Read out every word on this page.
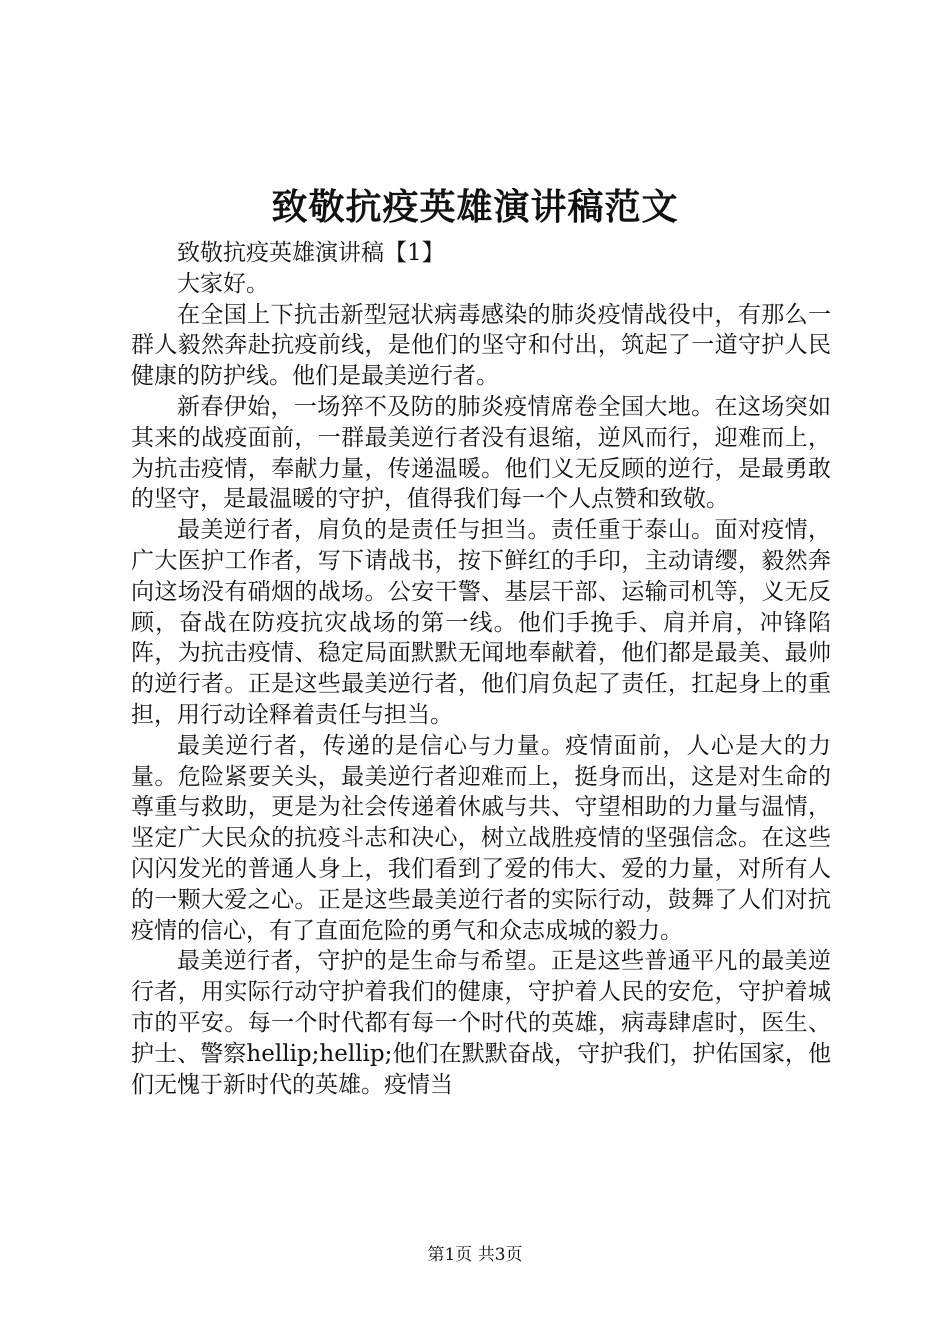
致敬抗疫英雄演讲稿范文

致敬抗疫英雄演讲稿【1】

大家好。

在全国上下抗击新型冠状病毒感染的肺炎疫情战役中，有那么一群人毅然奔赴抗疫前线，是他们的坚守和付出，筑起了一道守护人民健康的防护线。他们是最美逆行者。

新春伊始，一场猝不及防的肺炎疫情席卷全国大地。在这场突如其来的战疫面前，一群最美逆行者没有退缩，逆风而行，迎难而上，为抗击疫情，奉献力量，传递温暖。他们义无反顾的逆行，是最勇敢的坚守，是最温暖的守护，值得我们每一个人点赞和致敬。

最美逆行者，肩负的是责任与担当。责任重于泰山。面对疫情，广大医护工作者，写下请战书，按下鲜红的手印，主动请缨，毅然奔向这场没有硝烟的战场。公安干警、基层干部、运输司机等，义无反顾，奋战在防疫抗灾战场的第一线。他们手挽手、肩并肩，冲锋陷阵，为抗击疫情、稳定局面默默无闻地奉献着，他们都是最美、最帅的逆行者。正是这些最美逆行者，他们肩负起了责任，扛起身上的重担，用行动诠释着责任与担当。

最美逆行者，传递的是信心与力量。疫情面前，人心是大的力量。危险紧要关头，最美逆行者迎难而上，挺身而出，这是对生命的尊重与救助，更是为社会传递着休戚与共、守望相助的力量与温情，坚定广大民众的抗疫斗志和决心，树立战胜疫情的坚强信念。在这些闪闪发光的普通人身上，我们看到了爱的伟大、爱的力量，对所有人的一颗大爱之心。正是这些最美逆行者的实际行动，鼓舞了人们对抗疫情的信心，有了直面危险的勇气和众志成城的毅力。

最美逆行者，守护的是生命与希望。正是这些普通平凡的最美逆行者，用实际行动守护着我们的健康，守护着人民的安危，守护着城市的平安。每一个时代都有每一个时代的英雄，病毒肆虐时，医生、护士、警察hellip;hellip;他们在默默奋战，守护我们，护佑国家，他们无愧于新时代的英雄。疫情当

第1页 共3页
